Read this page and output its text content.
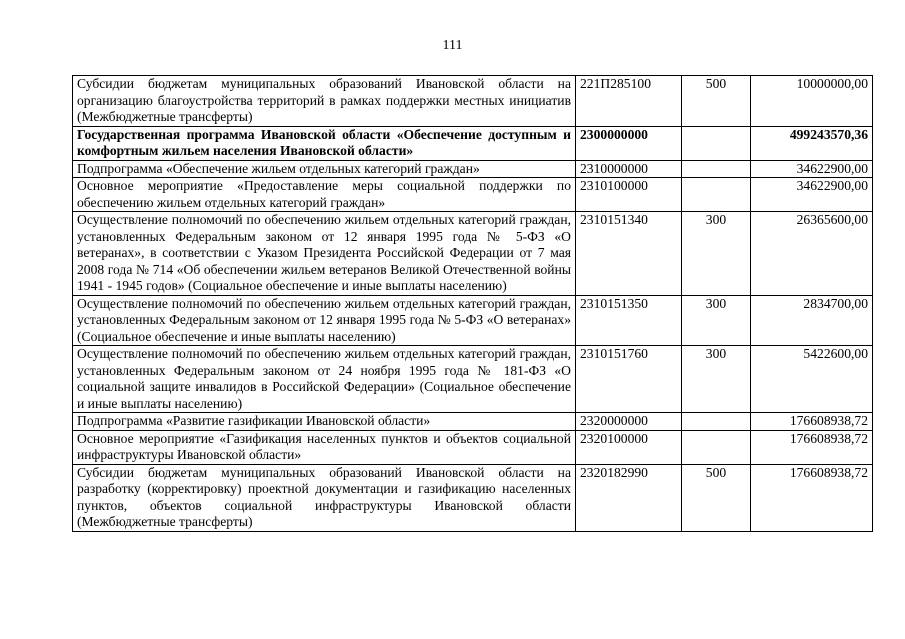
111
Субсидии бюджетам муниципальных образований Ивановской области на организацию благоустройства территорий в рамках поддержки местных инициатив (Межбюджетные трансферты)	221П285100	500	10000000,00
Государственная программа Ивановской области «Обеспечение доступным и комфортным жильем населения Ивановской области»	2300000000		499243570,36
Подпрограмма «Обеспечение жильем отдельных категорий граждан»	2310000000		34622900,00
Основное мероприятие «Предоставление меры социальной поддержки по обеспечению жильем отдельных категорий граждан»	2310100000		34622900,00
Осуществление полномочий по обеспечению жильем отдельных категорий граждан, установленных Федеральным законом от 12 января 1995 года № 5-ФЗ «О ветеранах», в соответствии с Указом Президента Российской Федерации от 7 мая 2008 года № 714 «Об обеспечении жильем ветеранов Великой Отечественной войны 1941 - 1945 годов» (Социальное обеспечение и иные выплаты населению)	2310151340	300	26365600,00
Осуществление полномочий по обеспечению жильем отдельных категорий граждан, установленных Федеральным законом от 12 января 1995 года № 5-ФЗ «О ветеранах» (Социальное обеспечение и иные выплаты населению)	2310151350	300	2834700,00
Осуществление полномочий по обеспечению жильем отдельных категорий граждан, установленных Федеральным законом от 24 ноября 1995 года № 181-ФЗ «О социальной защите инвалидов в Российской Федерации» (Социальное обеспечение и иные выплаты населению)	2310151760	300	5422600,00
Подпрограмма «Развитие газификации Ивановской области»	2320000000		176608938,72
Основное мероприятие «Газификация населенных пунктов и объектов социальной инфраструктуры Ивановской области»	2320100000		176608938,72
Субсидии бюджетам муниципальных образований Ивановской области на разработку (корректировку) проектной документации и газификацию населенных пунктов, объектов социальной инфраструктуры Ивановской области (Межбюджетные трансферты)	2320182990	500	176608938,72
